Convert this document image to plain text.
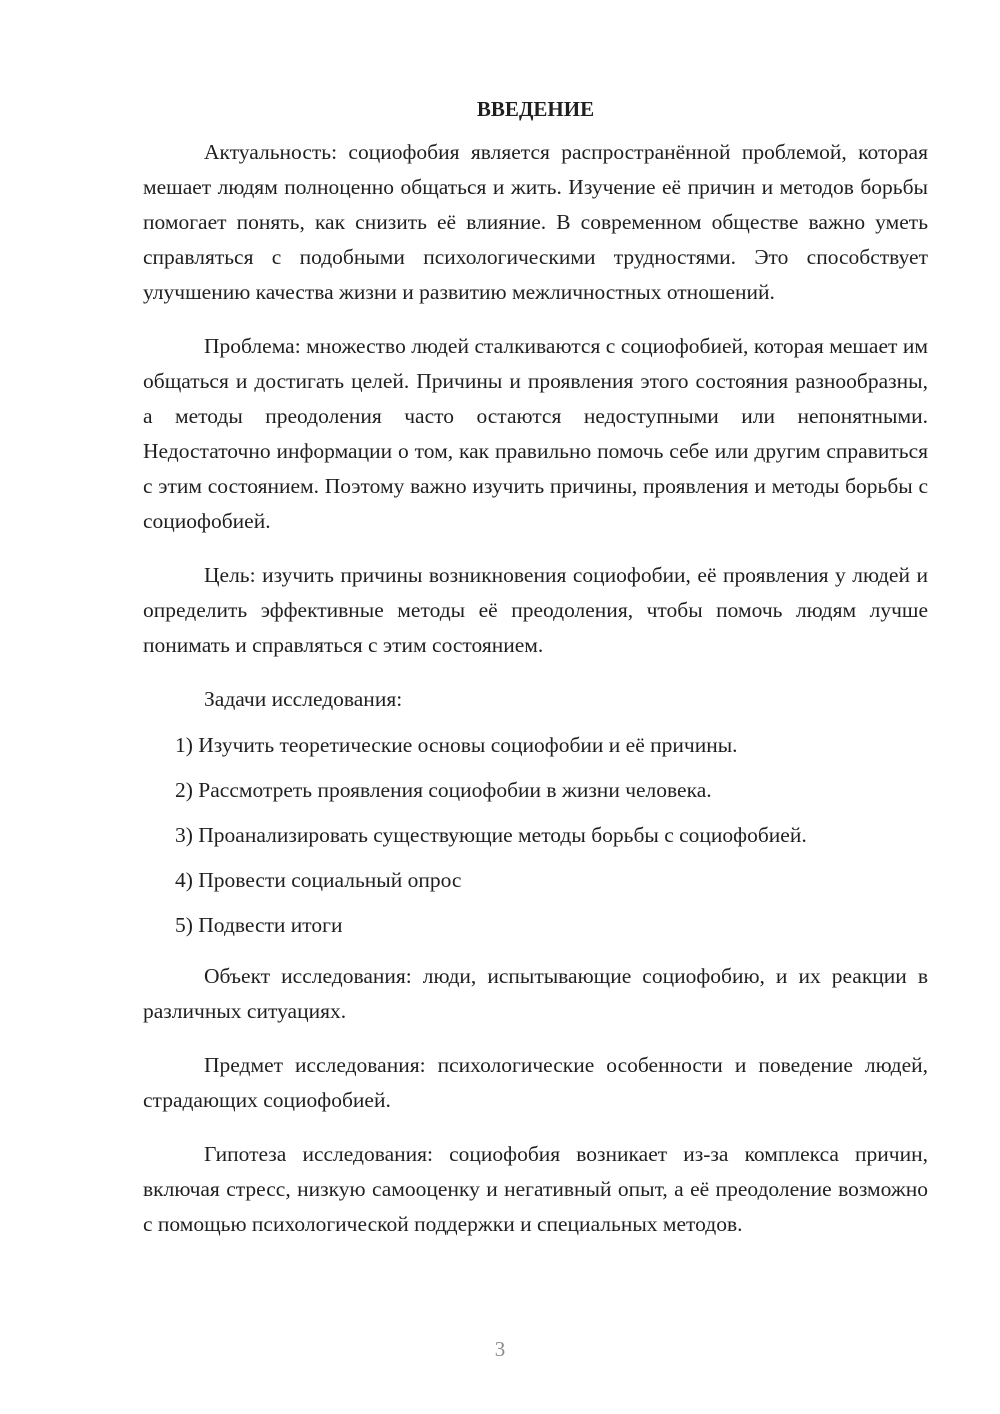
ВВЕДЕНИЕ

Актуальность: социофобия является распространённой проблемой, которая мешает людям полноценно общаться и жить. Изучение её причин и методов борьбы помогает понять, как снизить её влияние. В современном обществе важно уметь справляться с подобными психологическими трудностями. Это способствует улучшению качества жизни и развитию межличностных отношений.

Проблема: множество людей сталкиваются с социофобией, которая мешает им общаться и достигать целей. Причины и проявления этого состояния разнообразны, а методы преодоления часто остаются недоступными или непонятными. Недостаточно информации о том, как правильно помочь себе или другим справиться с этим состоянием. Поэтому важно изучить причины, проявления и методы борьбы с социофобией.

Цель: изучить причины возникновения социофобии, её проявления у людей и определить эффективные методы её преодоления, чтобы помочь людям лучше понимать и справляться с этим состоянием.

Задачи исследования:

1) Изучить теоретические основы социофобии и её причины.
2) Рассмотреть проявления социофобии в жизни человека.
3) Проанализировать существующие методы борьбы с социофобией.
4) Провести социальный опрос
5) Подвести итоги

Объект исследования: люди, испытывающие социофобию, и их реакции в различных ситуациях.

Предмет исследования: психологические особенности и поведение людей, страдающих социофобией.

Гипотеза исследования: социофобия возникает из-за комплекса причин, включая стресс, низкую самооценку и негативный опыт, а её преодоление возможно с помощью психологической поддержки и специальных методов.

3
